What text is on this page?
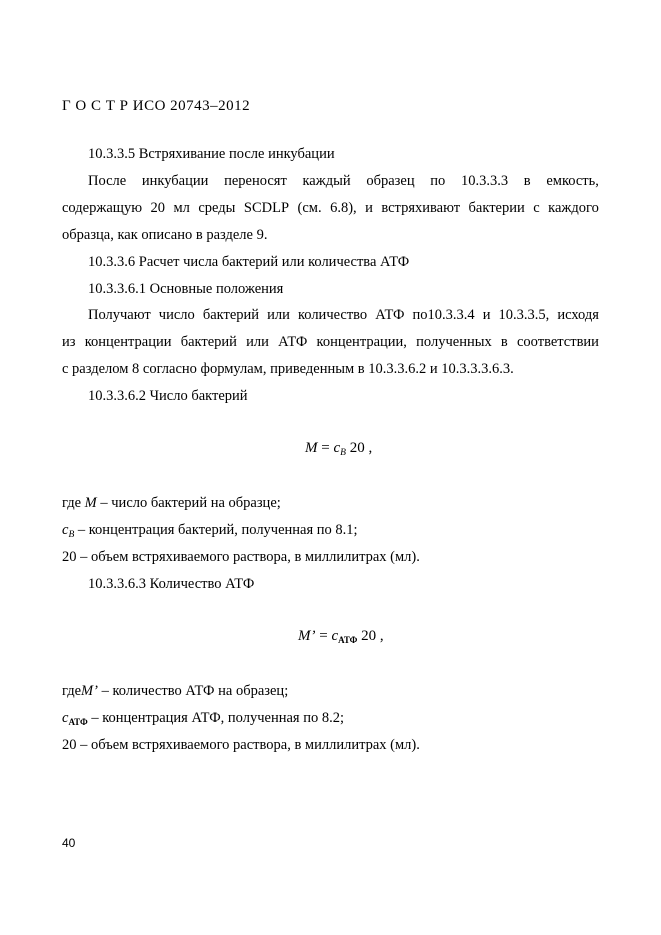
Г О С Т Р ИСО 20743–2012
10.3.3.5 Встряхивание после инкубации
После инкубации переносят каждый образец по 10.3.3.3 в емкость,
содержащую 20 мл среды SCDLP (см. 6.8), и встряхивают бактерии с каждого
образца, как описано в разделе 9.
10.3.3.6 Расчет числа бактерий или количества АТФ
10.3.3.6.1 Основные положения
Получают число бактерий или количество АТФ по10.3.3.4 и 10.3.3.5, исходя
из концентрации бактерий или АТФ концентрации, полученных в соответствии
с разделом 8 согласно формулам, приведенным в 10.3.3.6.2 и 10.3.3.3.6.3.
10.3.3.6.2 Число бактерий
$M = c_B$ 20 ,
где M – число бактерий на образце;
$c_B$ – концентрация бактерий, полученная по 8.1;
20 – объем встряхиваемого раствора, в миллилитрах (мл).
10.3.3.6.3 Количество АТФ
M’ = $c_{АТФ}$ 20 ,
гдеM’ – количество АТФ на образец;
$c_{АТФ}$ – концентрация АТФ, полученная по 8.2;
20 – объем встряхиваемого раствора, в миллилитрах (мл).
40
